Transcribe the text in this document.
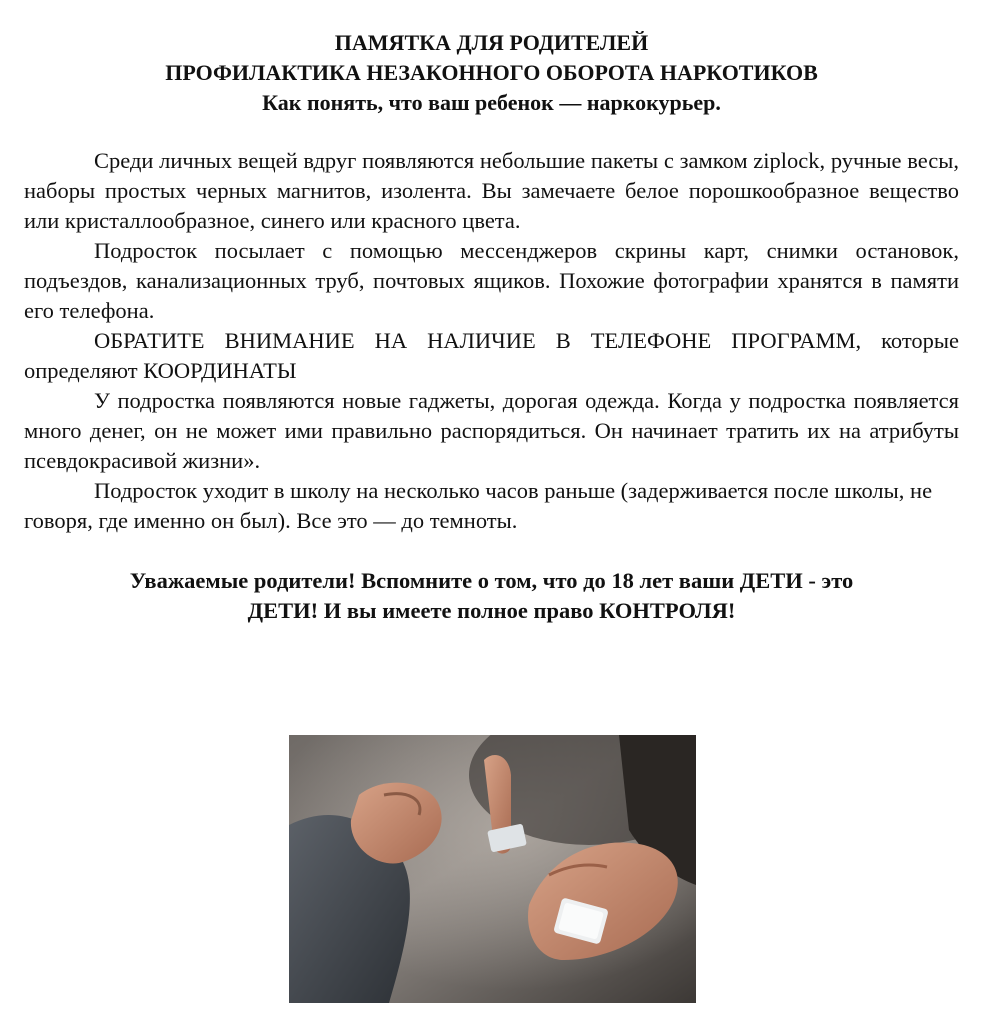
ПАМЯТКА ДЛЯ РОДИТЕЛЕЙ
ПРОФИЛАКТИКА НЕЗАКОННОГО ОБОРОТА НАРКОТИКОВ
Как понять, что ваш ребенок — наркокурьер.

Среди личных вещей вдруг появляются небольшие пакеты с замком ziplock, ручные весы, наборы простых черных магнитов, изолента. Вы замечаете белое порошкообразное вещество или кристаллообразное, синего или красного цвета.

Подросток посылает с помощью мессенджеров скрины карт, снимки остановок, подъездов, канализационных труб, почтовых ящиков. Похожие фотографии хранятся в памяти его телефона.

ОБРАТИТЕ ВНИМАНИЕ НА НАЛИЧИЕ В ТЕЛЕФОНЕ ПРОГРАММ, которые определяют КООРДИНАТЫ

У подростка появляются новые гаджеты, дорогая одежда. Когда у подростка появляется много денег, он не может ими правильно распорядиться. Он начинает тратить их на атрибуты псевдокрасивой жизни».

Подросток уходит в школу на несколько часов раньше (задерживается после школы, не говоря, где именно он был). Все это — до темноты.

Уважаемые родители! Вспомните о том, что до 18 лет ваши ДЕТИ - это
ДЕТИ! И вы имеете полное право КОНТРОЛЯ!
